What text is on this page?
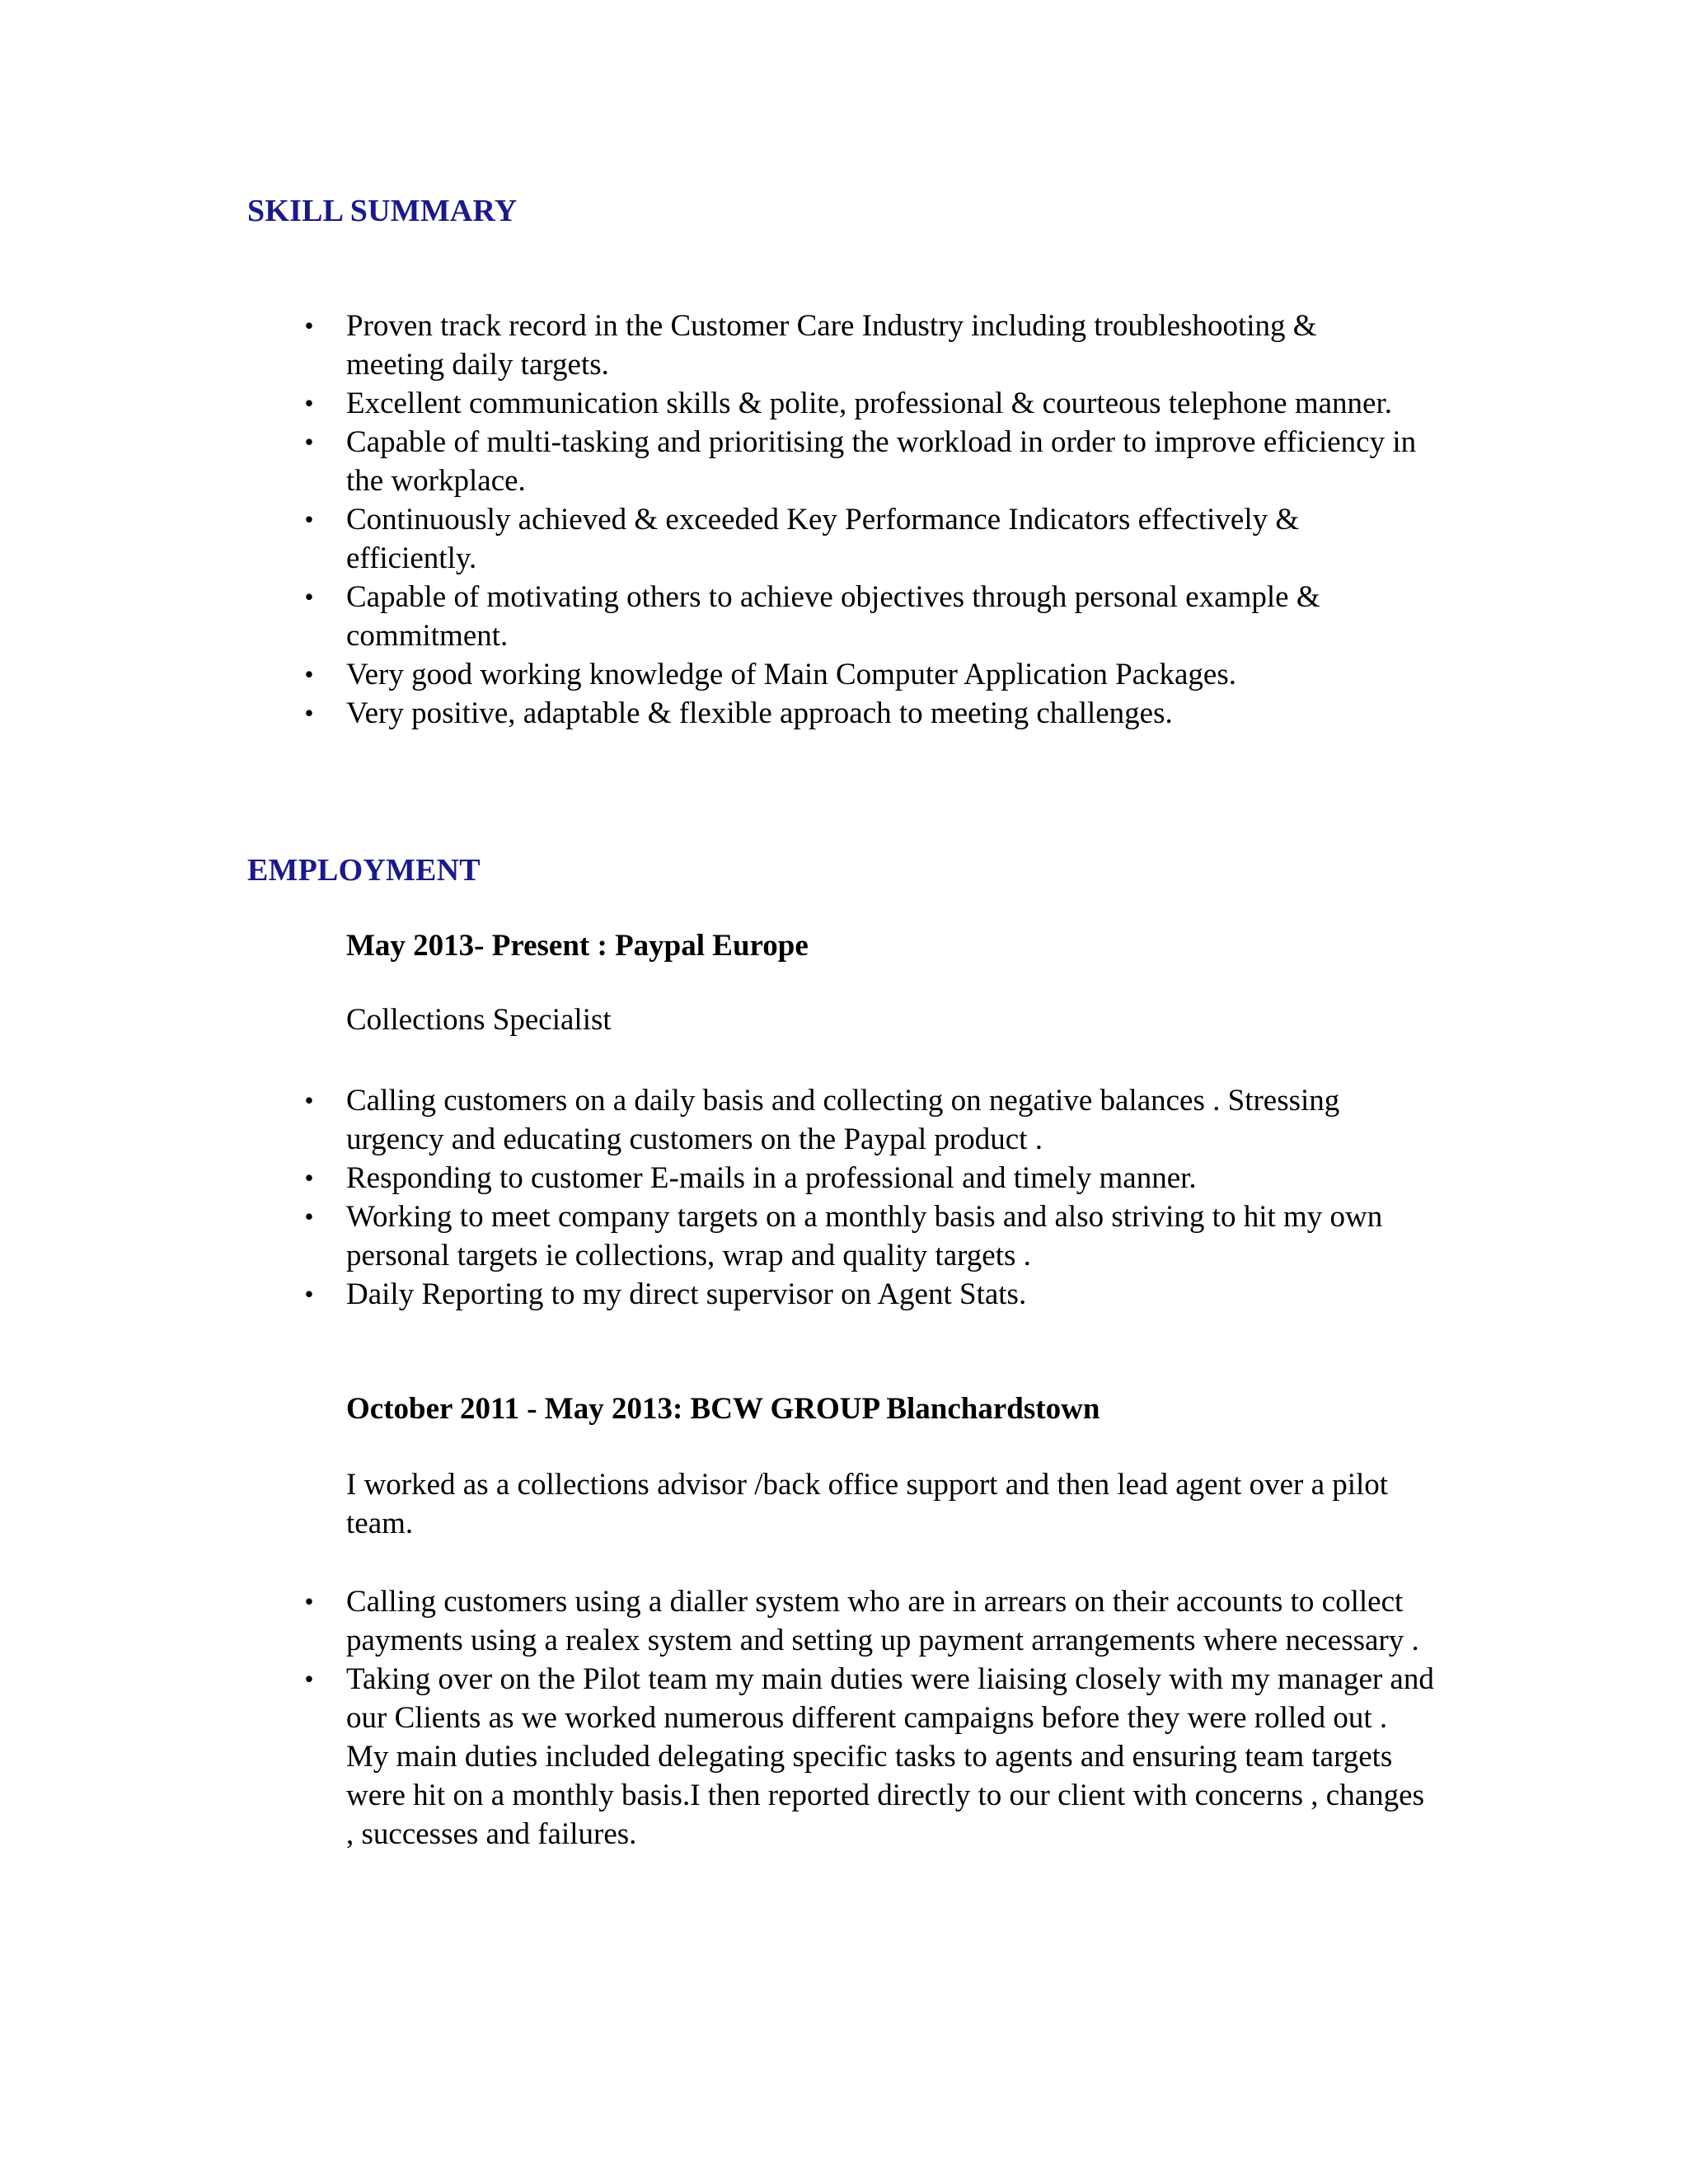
SKILL SUMMARY
• Proven track record in the Customer Care Industry including troubleshooting & meeting daily targets.
• Excellent communication skills & polite, professional & courteous telephone manner.
• Capable of multi-tasking and prioritising the workload in order to improve efficiency in the workplace.
• Continuously achieved & exceeded Key Performance Indicators effectively & efficiently.
• Capable of motivating others to achieve objectives through personal example & commitment.
• Very good working knowledge of Main Computer Application Packages.
• Very positive, adaptable & flexible approach to meeting challenges.
EMPLOYMENT
May 2013- Present : Paypal Europe

Collections Specialist

• Calling customers on a daily basis and collecting on negative balances . Stressing urgency and educating customers on the Paypal product .
• Responding to customer E-mails in a professional and timely manner.
• Working to meet company targets on a monthly basis and also striving to hit my own personal targets ie collections, wrap and quality targets .
• Daily Reporting to my direct supervisor on Agent Stats.
October 2011 - May 2013: BCW GROUP Blanchardstown

I worked as a collections advisor /back office support and then lead agent over a pilot team.

• Calling customers using a dialler system who are in arrears on their accounts to collect payments using a realex system and setting up payment arrangements where necessary .
• Taking over on the Pilot team my main duties were liaising closely with my manager and our Clients as we worked numerous different campaigns before they were rolled out . My main duties included delegating specific tasks to agents and ensuring team targets were hit on a monthly basis.I then reported directly to our client with concerns , changes , successes and failures.
